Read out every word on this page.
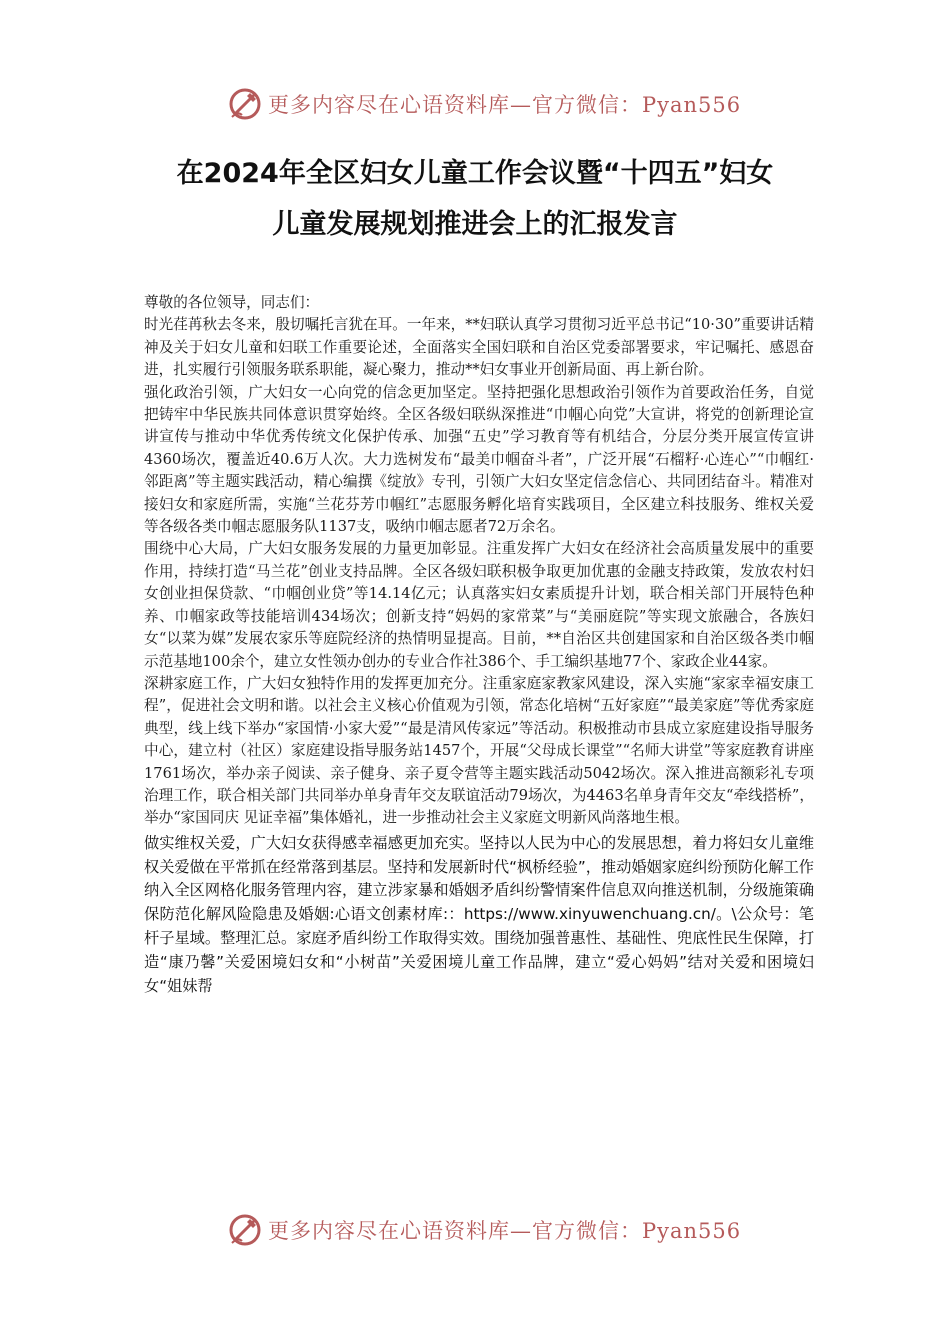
更多内容尽在心语资料库—官方微信：Pyan556
在2024年全区妇女儿童工作会议暨“十四五”妇女
儿童发展规划推进会上的汇报发言

尊敬的各位领导，同志们：

时光荏苒秋去冬来，殷切嘱托言犹在耳。一年来，**妇联认真学习贯彻习近平总书记“10·30”重要讲话精神及关于妇女儿童和妇联工作重要论述，全面落实全国妇联和自治区党委部署要求，牢记嘱托、感恩奋进，扎实履行引领服务联系职能，凝心聚力，推动**妇女事业开创新局面、再上新台阶。

强化政治引领，广大妇女一心向党的信念更加坚定。坚持把强化思想政治引领作为首要政治任务，自觉把铸牢中华民族共同体意识贯穿始终。全区各级妇联纵深推进“巾帼心向党”大宣讲，将党的创新理论宣讲宣传与推动中华优秀传统文化保护传承、加强“五史”学习教育等有机结合，分层分类开展宣传宣讲4360场次，覆盖近40.6万人次。大力选树发布“最美巾帼奋斗者”，广泛开展“石榴籽·心连心”“巾帼红·邻距离”等主题实践活动，精心编撰《绽放》专刊，引领广大妇女坚定信念信心、共同团结奋斗。精准对接妇女和家庭所需，实施“兰花芬芳巾帼红”志愿服务孵化培育实践项目，全区建立科技服务、维权关爱等各级各类巾帼志愿服务队1137支，吸纳巾帼志愿者72万余名。

围绕中心大局，广大妇女服务发展的力量更加彰显。注重发挥广大妇女在经济社会高质量发展中的重要作用，持续打造“马兰花”创业支持品牌。全区各级妇联积极争取更加优惠的金融支持政策，发放农村妇女创业担保贷款、“巾帼创业贷”等14.14亿元；认真落实妇女素质提升计划，联合相关部门开展特色种养、巾帼家政等技能培训434场次；创新支持“妈妈的家常菜”与“美丽庭院”等实现文旅融合，各族妇女“以菜为媒”发展农家乐等庭院经济的热情明显提高。目前，**自治区共创建国家和自治区级各类巾帼示范基地100余个，建立女性领办创办的专业合作社386个、手工编织基地77个、家政企业44家。

深耕家庭工作，广大妇女独特作用的发挥更加充分。注重家庭家教家风建设，深入实施“家家幸福安康工程”，促进社会文明和谐。以社会主义核心价值观为引领，常态化培树“五好家庭”“最美家庭”等优秀家庭典型，线上线下举办“家国情·小家大爱”“最是清风传家远”等活动。积极推动市县成立家庭建设指导服务中心，建立村（社区）家庭建设指导服务站1457个，开展“父母成长课堂”“名师大讲堂”等家庭教育讲座1761场次，举办亲子阅读、亲子健身、亲子夏令营等主题实践活动5042场次。深入推进高额彩礼专项治理工作，联合相关部门共同举办单身青年交友联谊活动79场次，为4463名单身青年交友“牵线搭桥”，举办“家国同庆 见证幸福”集体婚礼，进一步推动社会主义家庭文明新风尚落地生根。

做实维权关爱，广大妇女获得感幸福感更加充实。坚持以人民为中心的发展思想，着力将妇女儿童维权关爱做在平常抓在经常落到基层。坚持和发展新时代“枫桥经验”，推动婚姻家庭纠纷预防化解工作纳入全区网格化服务管理内容，建立涉家暴和婚姻矛盾纠纷警情案件信息双向推送机制，分级施策确保防范化解风险隐患及婚姻:心语文创素材库:：https://www.xinyuwenchuang.cn/。\公众号：笔杆子星域。整理汇总。家庭矛盾纠纷工作取得实效。围绕加强普惠性、基础性、兜底性民生保障，打造“康乃馨”关爱困境妇女和“小树苗”关爱困境儿童工作品牌，建立“爱心妈妈”结对关爱和困境妇女“姐妹帮

更多内容尽在心语资料库—官方微信：Pyan556
